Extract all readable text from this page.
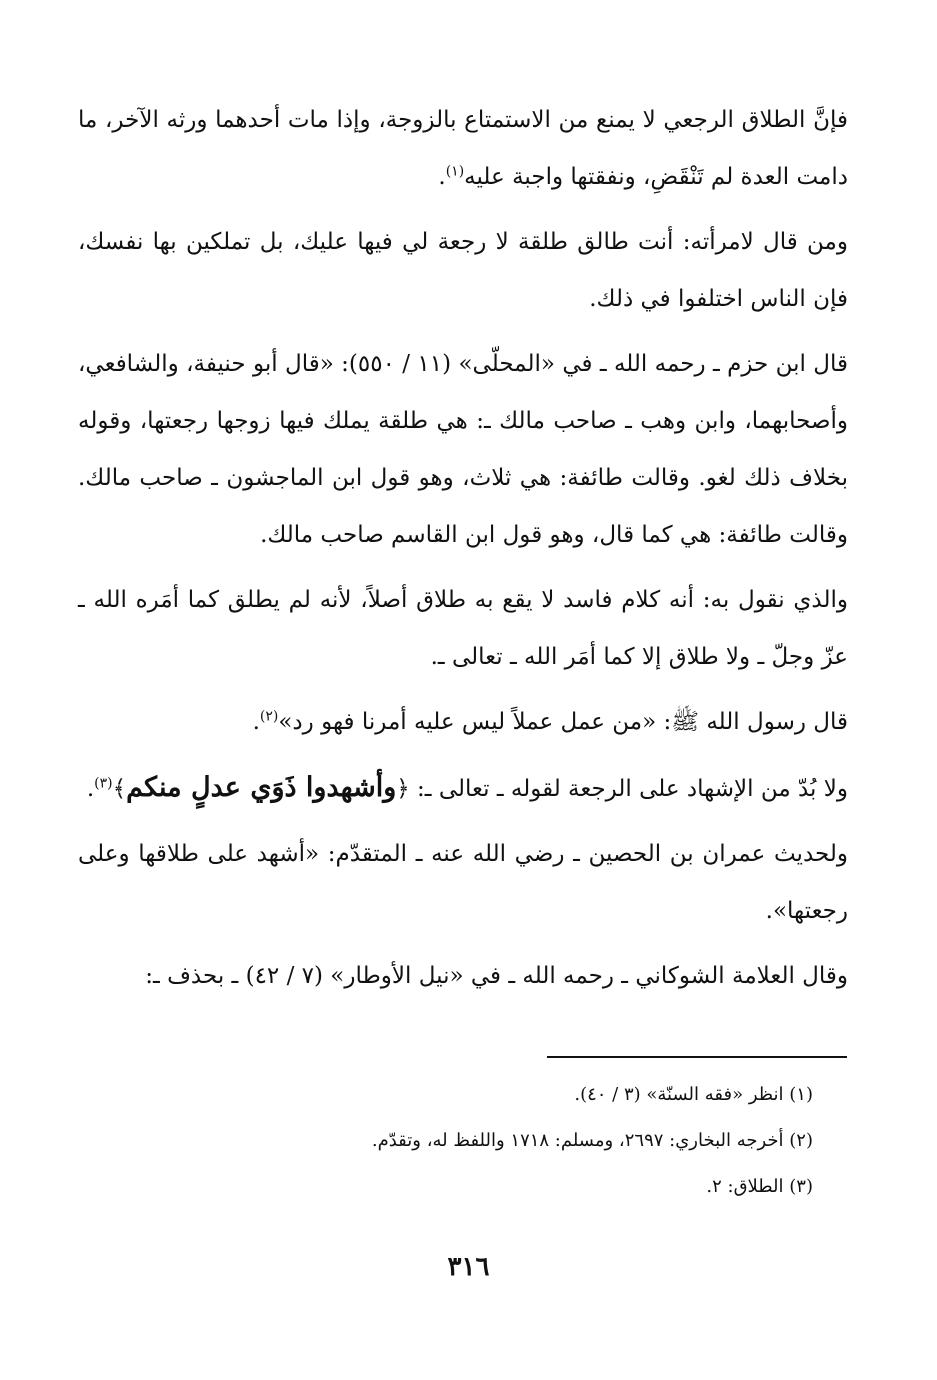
فإنَّ الطلاق الرجعي لا يمنع من الاستمتاع بالزوجة، وإذا مات أحدهما ورثه الآخر، ما دامت العدة لم تَنْقَضِ، ونفقتها واجبة عليه$^{(١)}$.

ومن قال لامرأته: أنت طالق طلقة لا رجعة لي فيها عليك، بل تملكين بها نفسك، فإن الناس اختلفوا في ذلك.

قال ابن حزم ـ رحمه الله ـ في «المحلّى» (١١ / ٥٥٠): «قال أبو حنيفة، والشافعي، وأصحابهما، وابن وهب ـ صاحب مالك ـ: هي طلقة يملك فيها زوجها رجعتها، وقوله بخلاف ذلك لغو. وقالت طائفة: هي ثلاث، وهو قول ابن الماجشون ـ صاحب مالك. وقالت طائفة: هي كما قال، وهو قول ابن القاسم صاحب مالك.

والذي نقول به: أنه كلام فاسد لا يقع به طلاق أصلاً، لأنه لم يطلق كما أمَره الله ـ عزّ وجلّ ـ ولا طلاق إلا كما أمَر الله ـ تعالى ـ.

قال رسول الله ﷺ: «من عمل عملاً ليس عليه أمرنا فهو رد»$^{(٢)}$.

ولا بُدّ من الإشهاد على الرجعة لقوله ـ تعالى ـ: ﴿وأشهدوا ذَوَي عدلٍ منكم﴾$^{(٣)}$.

ولحديث عمران بن الحصين ـ رضي الله عنه ـ المتقدّم: «أشهد على طلاقها وعلى رجعتها».

وقال العلامة الشوكاني ـ رحمه الله ـ في «نيل الأوطار» (٧ / ٤٢) ـ بحذف ـ:

(١) انظر «فقه السنّة» (٣ / ٤٠).

(٢) أخرجه البخاري: ٢٦٩٧، ومسلم: ١٧١٨ واللفظ له، وتقدّم.

(٣) الطلاق: ٢.

٣١٦
